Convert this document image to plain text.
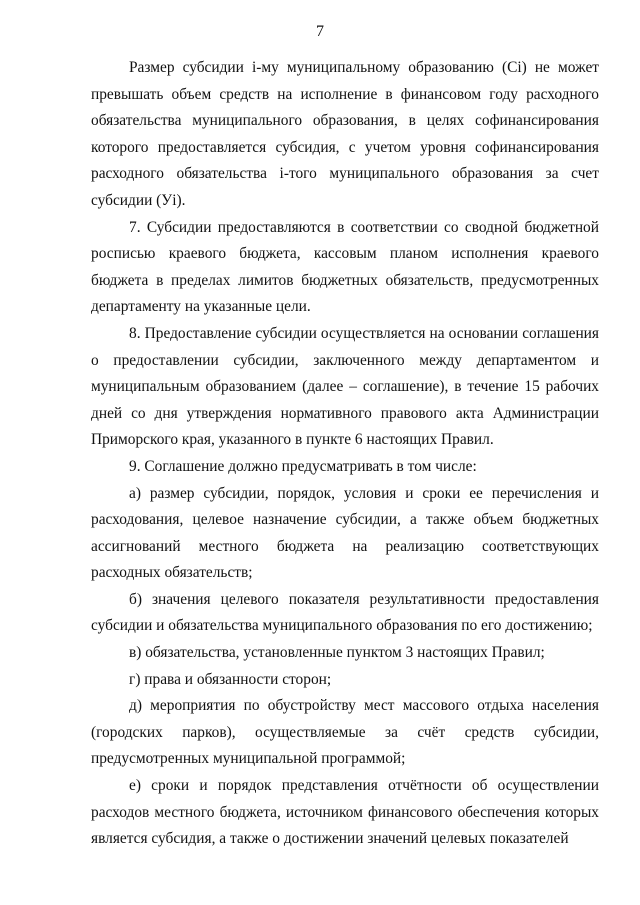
7

Размер субсидии i-му муниципальному образованию (Сi) не может превышать объем средств на исполнение в финансовом году расходного обязательства муниципального образования, в целях софинансирования которого предоставляется субсидия, с учетом уровня софинансирования расходного обязательства i-того муниципального образования за счет субсидии (Уi).

7. Субсидии предоставляются в соответствии со сводной бюджетной росписью краевого бюджета, кассовым планом исполнения краевого бюджета в пределах лимитов бюджетных обязательств, предусмотренных департаменту на указанные цели.

8. Предоставление субсидии осуществляется на основании соглашения о предоставлении субсидии, заключенного между департаментом и муниципальным образованием (далее – соглашение), в течение 15 рабочих дней со дня утверждения нормативного правового акта Администрации Приморского края, указанного в пункте 6 настоящих Правил.

9. Соглашение должно предусматривать в том числе:

а) размер субсидии, порядок, условия и сроки ее перечисления и расходования, целевое назначение субсидии, а также объем бюджетных ассигнований местного бюджета на реализацию соответствующих расходных обязательств;

б) значения целевого показателя результативности предоставления субсидии и обязательства муниципального образования по его достижению;

в) обязательства, установленные пунктом 3 настоящих Правил;

г) права и обязанности сторон;

д) мероприятия по обустройству мест массового отдыха населения (городских парков), осуществляемые за счёт средств субсидии, предусмотренных муниципальной программой;

е) сроки и порядок представления отчётности об осуществлении расходов местного бюджета, источником финансового обеспечения которых является субсидия, а также о достижении значений целевых показателей
